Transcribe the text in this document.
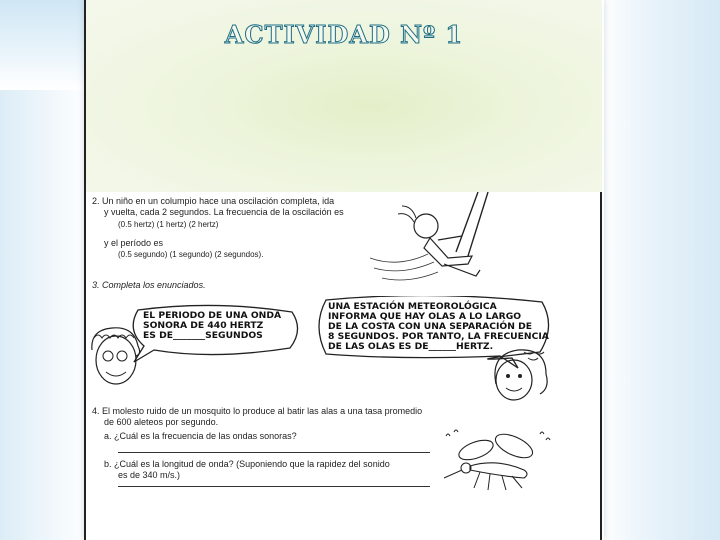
ACTIVIDAD Nº 1
2. Un niño en un columpio hace una oscilación completa, ida
y vuelta, cada 2 segundos. La frecuencia de la oscilación es
(0.5 hertz) (1 hertz) (2 hertz)
y el período es
(0.5 segundo) (1 segundo) (2 segundos).
3. Completa los enunciados.
EL PERIODO DE UNA ONDA
SONORA DE 440 HERTZ
ES DE_______SEGUNDOS
UNA ESTACIÓN METEOROLÓGICA
INFORMA QUE HAY OLAS A LO LARGO
DE LA COSTA CON UNA SEPARACIÓN DE
8 SEGUNDOS. POR TANTO, LA FRECUENCIA
DE LAS OLAS ES DE______HERTZ.
4. El molesto ruido de un mosquito lo produce al batir las alas a una tasa promedio
de 600 aleteos por segundo.
a. ¿Cuál es la frecuencia de las ondas sonoras?
b. ¿Cuál es la longitud de onda? (Suponiendo que la rapidez del sonido
es de 340 m/s.)
